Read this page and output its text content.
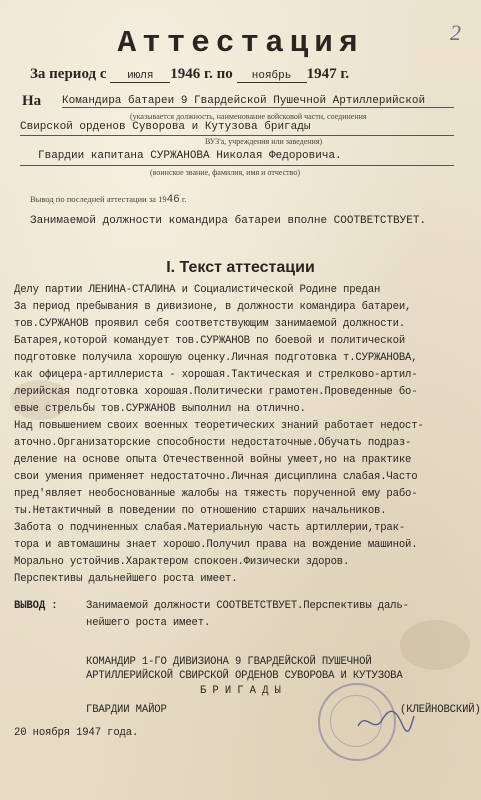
2
Аттестация
За период с июля 1946 г. по ноябрь 1947 г.
На Командира батареи 9 Гвардейской Пушечной Артиллерийской
(указывается должность, наименование войсковой части, соединения
Свирской орденов Суворова и Кутузова бригады
ВУЗ'а, учреждения или заведения)
Гвардии капитана СУРЖАНОВА Николая Федоровича.
(воинское звание, фамилия, имя и отчество)
Вывод по последней аттестации за 1946 г.
Занимаемой должности командира батареи вполне СООТВЕТСТВУЕТ.
I. Текст аттестации
Делу партии ЛЕНИНА-СТАЛИНА и Социалистической Родине предан
За период пребывания в дивизионе, в должности командира батареи,
тов.СУРЖАНОВ проявил себя соответствующим занимаемой должности.
Батарея,которой командует тов.СУРЖАНОВ по боевой и политической
подготовке получила хорошую оценку.Личная подготовка т.СУРЖАНОВА,
как офицера-артиллериста - хорошая.Тактическая и стрелково-артил-
лерийская подготовка хорошая.Политически грамотен.Проведенные бо-
евые стрельбы тов.СУРЖАНОВ выполнил на отлично.
Над повышением своих военных теоретических знаний работает недост-
аточно.Организаторские способности недостаточные.Обучать подраз-
деление на основе опыта Отечественной войны умеет,но на практике
свои умения применяет недостаточно.Личная дисциплина слабая.Часто
пред'являет необоснованные жалобы на тяжесть порученной ему рабо-
ты.Нетактичный в поведении по отношению старших начальников.
Забота о подчиненных слабая.Материальную часть артиллерии,трак-
тора и автомашины знает хорошо.Получил права на вождение машиной.
Морально устойчив.Характером спокоен.Физически здоров.
Перспективы дальнейшего роста имеет.
ВЫВОД :	Занимаемой должности СООТВЕТСТВУЕТ.Перспективы даль-
нейшего роста имеет.
КОМАНДИР 1-ГО ДИВИЗИОНА 9 ГВАРДЕЙСКОЙ ПУШЕЧНОЙ
АРТИЛЛЕРИЙСКОЙ СВИРСКОЙ ОРДЕНОВ СУВОРОВА И КУТУЗОВА
Б Р И Г А Д Ы
ГВАРДИИ МАЙОР	(КЛЕЙНОВСКИЙ)
20 ноября 1947 года.
